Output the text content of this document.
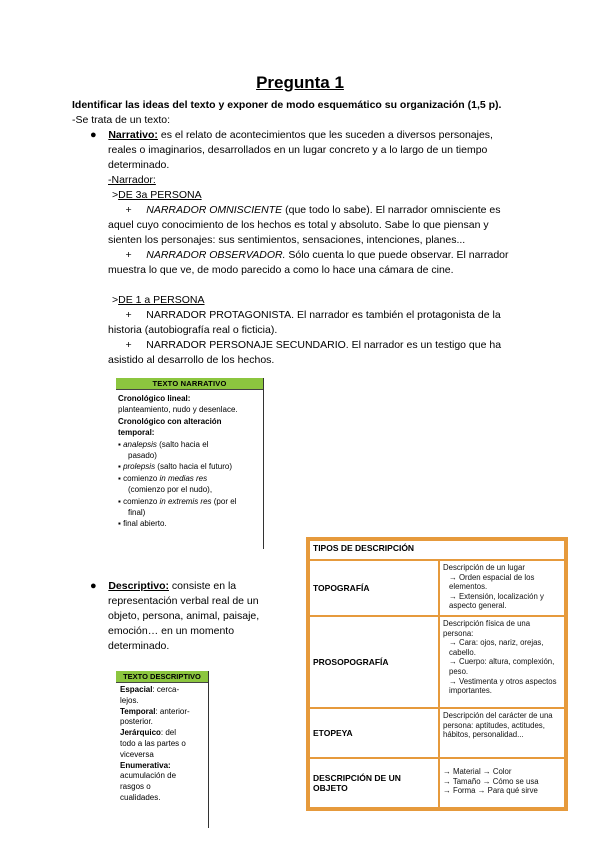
Pregunta 1
Identificar las ideas del texto y exponer de modo esquemático su organización (1,5 p).
-Se trata de un texto:
● Narrativo: es el relato de acontecimientos que les suceden a diversos personajes,
reales o imaginarios, desarrollados en un lugar concreto y a lo largo de un tiempo
determinado.
-Narrador:
>DE 3a PERSONA
+ NARRADOR OMNISCIENTE (que todo lo sabe). El narrador omnisciente es
aquel cuyo conocimiento de los hechos es total y absoluto. Sabe lo que piensan y
sienten los personajes: sus sentimientos, sensaciones, intenciones, planes...
+ NARRADOR OBSERVADOR. Sólo cuenta lo que puede observar. El narrador
muestra lo que ve, de modo parecido a como lo hace una cámara de cine.
>DE 1 a PERSONA
+ NARRADOR PROTAGONISTA. El narrador es también el protagonista de la
historia (autobiografía real o ficticia).
+ NARRADOR PERSONAJE SECUNDARIO. El narrador es un testigo que ha
asistido al desarrollo de los hechos.
TEXTO NARRATIVO
Cronológico lineal:
planteamiento, nudo y desenlace.
Cronológico con alteración
temporal:
▪ analepsis (salto hacia el
pasado)
▪ prolepsis (salto hacia el futuro)
▪ comienzo in medias res
(comienzo por el nudo),
▪ comienzo in extremis res (por el
final)
▪ final abierto.
● Descriptivo: consiste en la
representación verbal real de un
objeto, persona, animal, paisaje,
emoción… en un momento
determinado.
TEXTO DESCRIPTIVO
Espacial: cerca-
lejos.
Temporal: anterior-
posterior.
Jerárquico: del
todo a las partes o
viceversa
Enumerativa:
acumulación de
rasgos o
cualidades.
TIPOS DE DESCRIPCIÓN	
TOPOGRAFÍA	Descripción de un lugar
→ Orden espacial de los elementos.
→ Extensión, localización y aspecto general.

PROSOPOGRAFÍA	Descripción física de una persona:
→ Cara: ojos, nariz, orejas, cabello.
→ Cuerpo: altura, complexión, peso.
→ Vestimenta y otros aspectos importantes.

ETOPEYA	Descripción del carácter de una persona: aptitudes, actitudes, hábitos, personalidad...

DESCRIPCIÓN DE UN OBJETO	→ Material → Color
→ Tamaño → Cómo se usa
→ Forma → Para qué sirve
